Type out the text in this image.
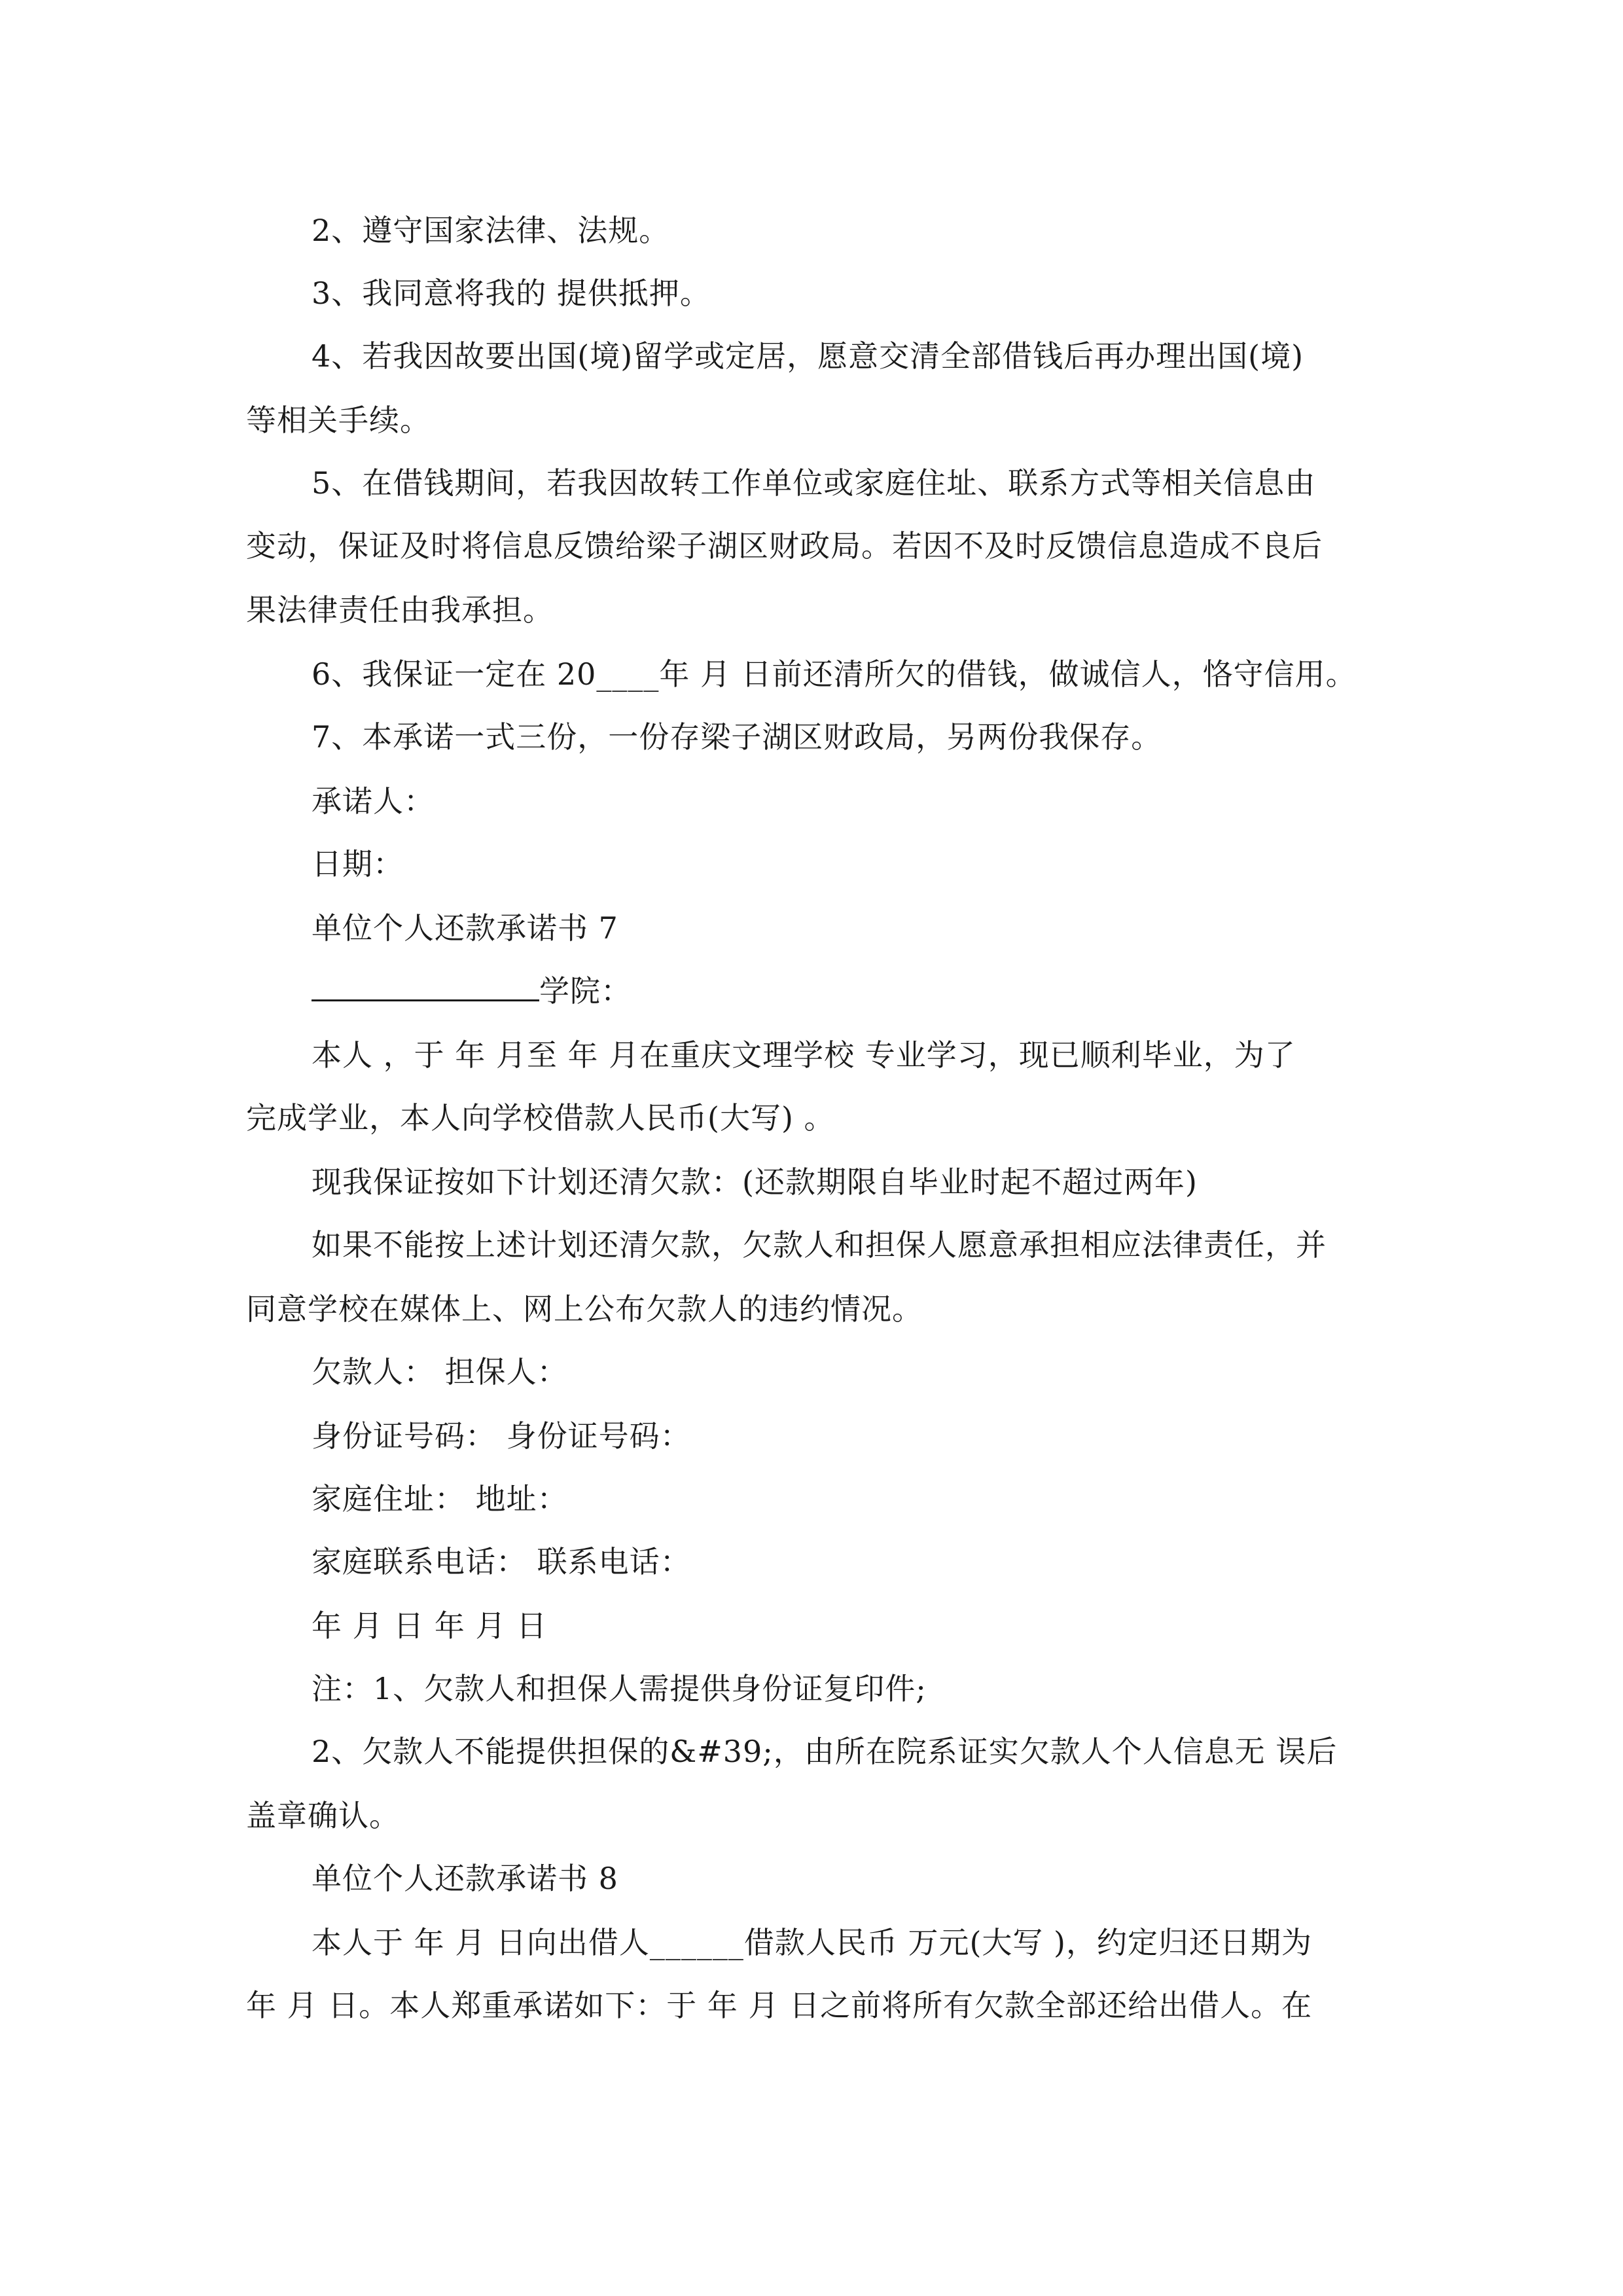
2、遵守国家法律、法规。
3、我同意将我的 提供抵押。
4、若我因故要出国(境)留学或定居，愿意交清全部借钱后再办理出国(境)
等相关手续。
5、在借钱期间，若我因故转工作单位或家庭住址、联系方式等相关信息由
变动，保证及时将信息反馈给梁子湖区财政局。若因不及时反馈信息造成不良后
果法律责任由我承担。
6、我保证一定在 20____年 月 日前还清所欠的借钱，做诚信人，恪守信用。
7、本承诺一式三份，一份存梁子湖区财政局，另两份我保存。
承诺人：
日期：
单位个人还款承诺书 7
学院：
本人 ，于 年 月至 年 月在重庆文理学校 专业学习，现已顺利毕业，为了
完成学业，本人向学校借款人民币(大写) 。
现我保证按如下计划还清欠款：(还款期限自毕业时起不超过两年)
如果不能按上述计划还清欠款，欠款人和担保人愿意承担相应法律责任，并
同意学校在媒体上、网上公布欠款人的违约情况。
欠款人： 担保人：
身份证号码： 身份证号码：
家庭住址： 地址：
家庭联系电话： 联系电话：
年 月 日 年 月 日
注：1、欠款人和担保人需提供身份证复印件;
2、欠款人不能提供担保的&#39;，由所在院系证实欠款人个人信息无 误后
盖章确认。
单位个人还款承诺书 8
本人于 年 月 日向出借人______借款人民币 万元(大写 )，约定归还日期为
年 月 日。本人郑重承诺如下：于 年 月 日之前将所有欠款全部还给出借人。在
